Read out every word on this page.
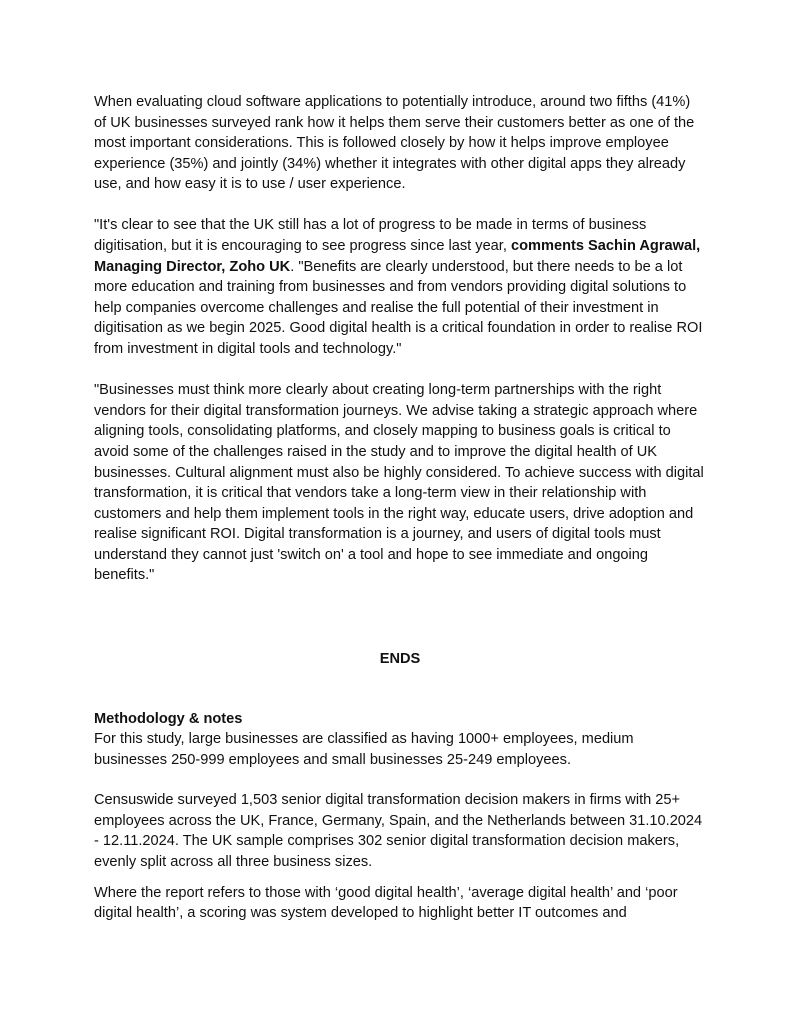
When evaluating cloud software applications to potentially introduce, around two fifths (41%) of UK businesses surveyed rank how it helps them serve their customers better as one of the most important considerations. This is followed closely by how it helps improve employee experience (35%) and jointly (34%) whether it integrates with other digital apps they already use, and how easy it is to use / user experience.

"It's clear to see that the UK still has a lot of progress to be made in terms of business digitisation, but it is encouraging to see progress since last year, comments Sachin Agrawal, Managing Director, Zoho UK. "Benefits are clearly understood, but there needs to be a lot more education and training from businesses and from vendors providing digital solutions to help companies overcome challenges and realise the full potential of their investment in digitisation as we begin 2025. Good digital health is a critical foundation in order to realise ROI from investment in digital tools and technology."

"Businesses must think more clearly about creating long-term partnerships with the right vendors for their digital transformation journeys. We advise taking a strategic approach where aligning tools, consolidating platforms, and closely mapping to business goals is critical to avoid some of the challenges raised in the study and to improve the digital health of UK businesses. Cultural alignment must also be highly considered. To achieve success with digital transformation, it is critical that vendors take a long-term view in their relationship with customers and help them implement tools in the right way, educate users, drive adoption and realise significant ROI. Digital transformation is a journey, and users of digital tools must understand they cannot just 'switch on' a tool and hope to see immediate and ongoing benefits."

ENDS
Methodology & notes

For this study, large businesses are classified as having 1000+ employees, medium businesses 250-999 employees and small businesses 25-249 employees.

Censuswide surveyed 1,503 senior digital transformation decision makers in firms with 25+ employees across the UK, France, Germany, Spain, and the Netherlands between 31.10.2024 - 12.11.2024. The UK sample comprises 302 senior digital transformation decision makers, evenly split across all three business sizes.

Where the report refers to those with ‘good digital health’, ‘average digital health’ and ‘poor digital health’, a scoring was system developed to highlight better IT outcomes and
